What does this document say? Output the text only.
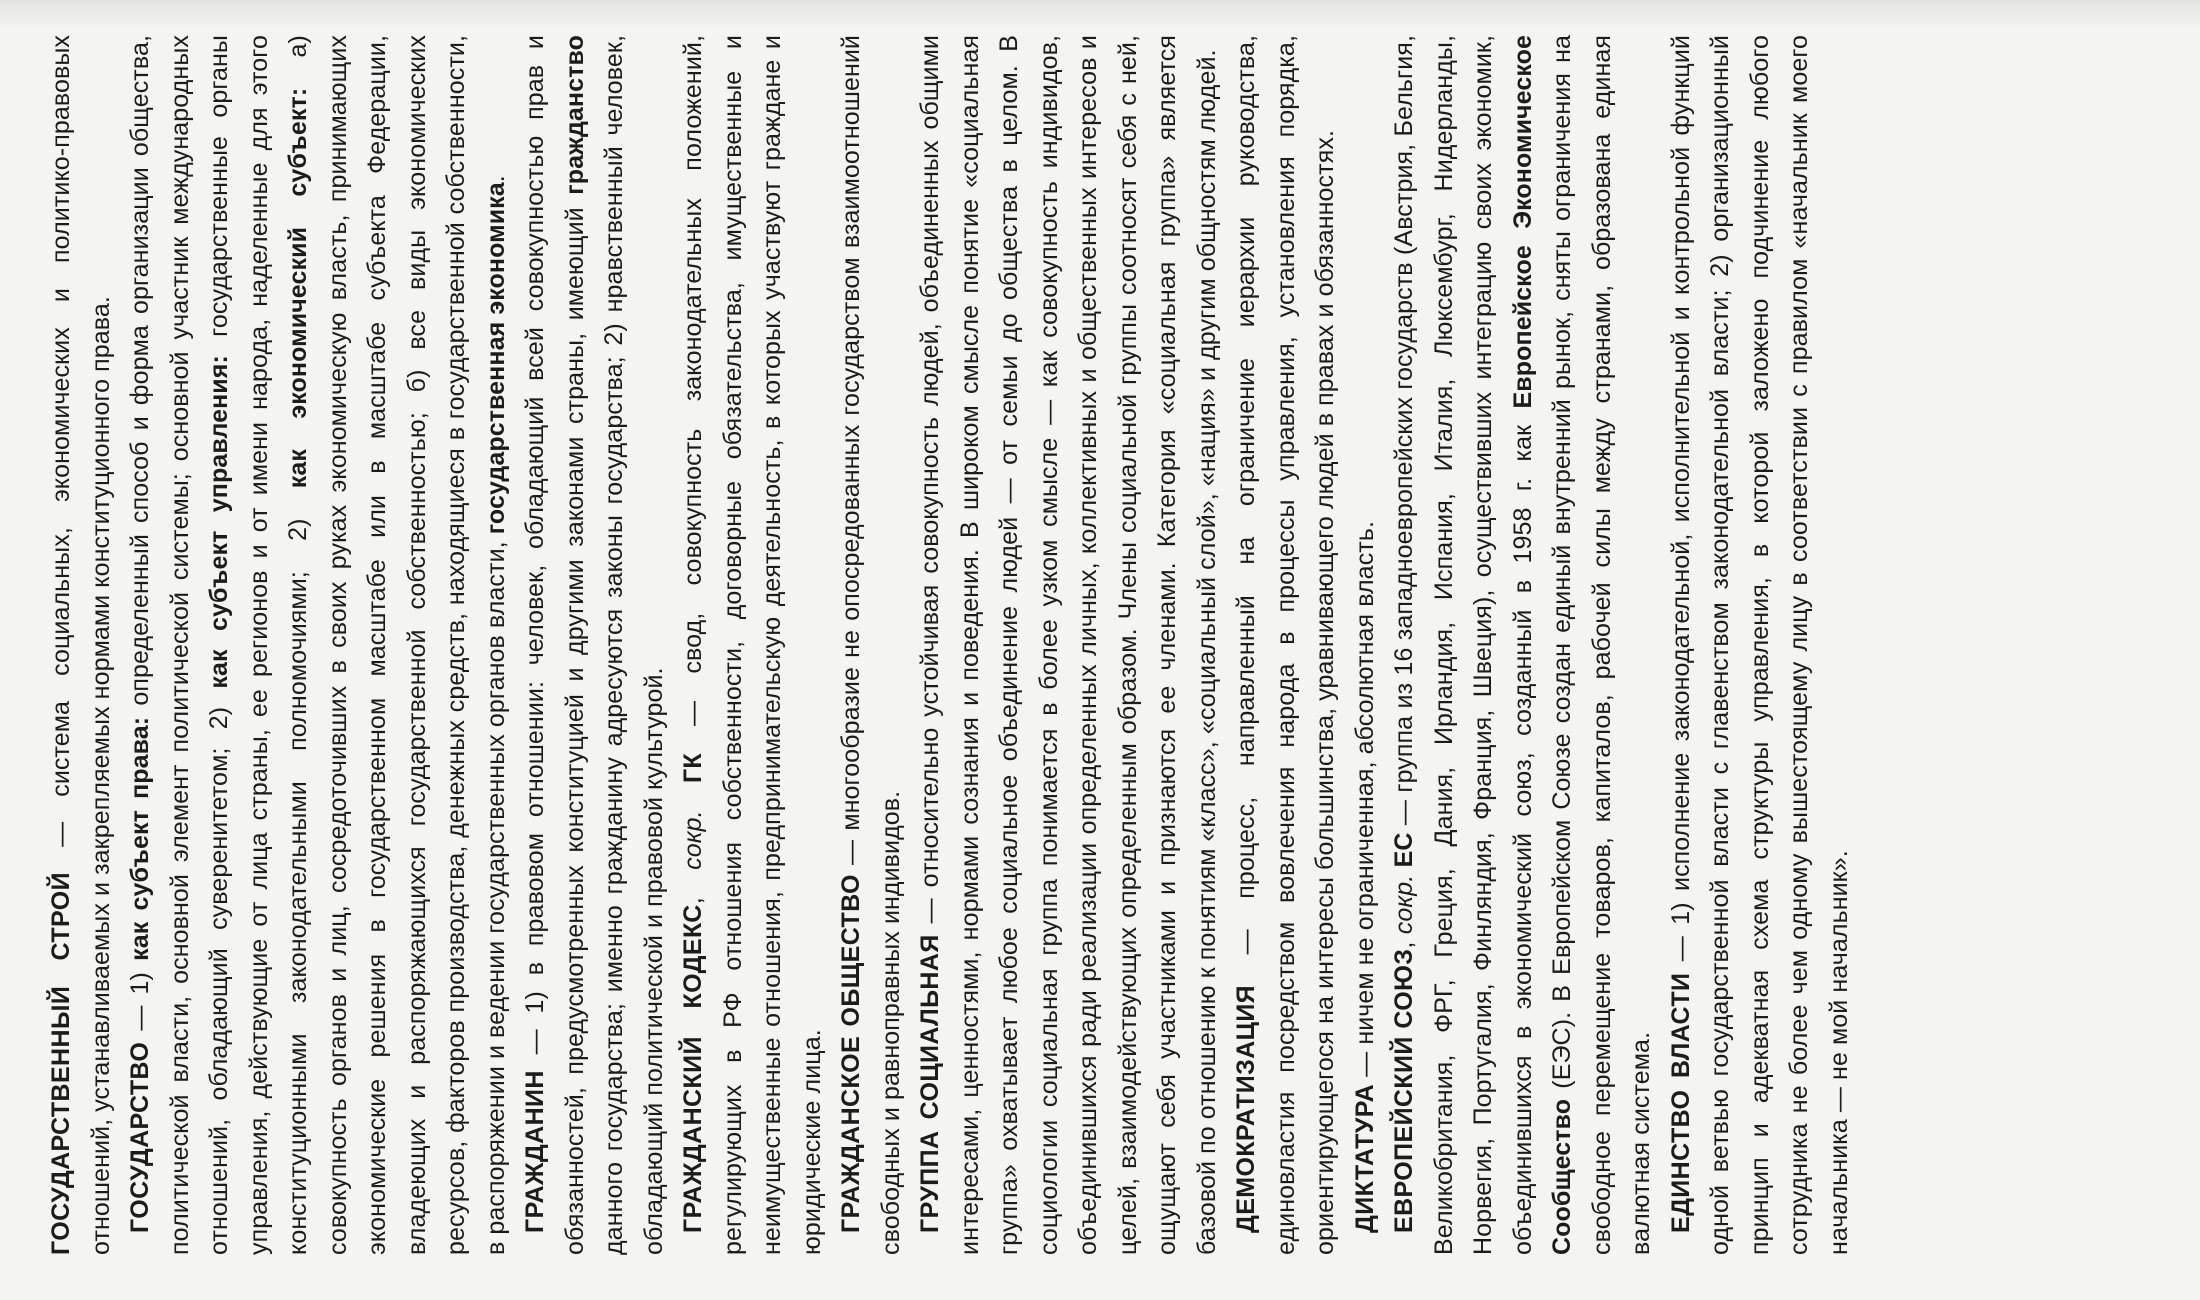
ГОСУДАРСТВЕННЫЙ СТРОЙ — система социальных, экономических и политико-правовых отношений, устанавливаемых и закрепляемых нормами конституционного права. ГОСУДАРСТВО — 1) как субъект права: определенный способ и форма организации общества, политической власти, основной элемент политической системы; основной участник международных отношений, обладающий суверенитетом; 2) как субъект управления: государственные органы управления, действующие от лица страны, ее регионов и от имени народа, наделенные для этого конституционными законодательными полномочиями; 2) как экономический субъект: а) совокупность органов и лиц, сосредоточивших в своих руках экономическую власть, принимающих экономические решения в государственном масштабе или в масштабе субъекта Федерации, владеющих и распоряжающихся государственной собственностью; б) все виды экономических ресурсов, факторов производства, денежных средств, находящиеся в государственной собственности, в распоряжении и ведении государственных органов власти, государственная экономика.

ГРАЖДАНИН — 1) в правовом отношении: человек, обладающий всей совокупностью прав и обязанностей, предусмотренных конституцией и другими законами страны, имеющий гражданство данного государства; именно гражданину адресуются законы государства; 2) нравственный человек, обладающий политической и правовой культурой. ГРАЖДАНСКИЙ КОДЕКС, сокр. ГК — свод, совокупность законодательных положений, регулирующих в РФ отношения собственности, договорные обязательства, имущественные и неимущественные отношения, предпринимательскую деятельность, в которых участвуют граждане и юридические лица. ГРАЖДАНСКОЕ ОБЩЕСТВО — многообразие не опосредованных государством взаимоотношений свободных и равноправных индивидов. ГРУППА СОЦИАЛЬНАЯ — относительно устойчивая совокупность людей, объединенных общими интересами, ценностями, нормами сознания и поведения. В широком смысле понятие «социальная группа» охватывает любое социальное объединение людей — от семьи до общества в целом. В социологии социальная группа понимается в более узком смысле — как совокупность индивидов, объединившихся ради реализации определенных личных, коллективных и общественных интересов и целей, взаимодействующих определенным образом. Члены социальной группы соотносят себя с ней, ощущают себя участниками и признаются ее членами. Категория «социальная группа» является базовой по отношению к понятиям «класс», «социальный слой», «нация» и другим общностям людей. ДЕМОКРАТИЗАЦИЯ — процесс, направленный на ограничение иерархии руководства, единовластия посредством вовлечения народа в процессы управления, установления порядка, ориентирующегося на интересы большинства, уравнивающего людей в правах и обязанностях. ДИКТАТУРА — ничем не ограниченная, абсолютная власть.

ЕВРОПЕЙСКИЙ СОЮЗ, сокр. ЕС — группа из 16 западноевропейских государств (Австрия, Бельгия, Великобритания, ФРГ, Греция, Дания, Ирландия, Испания, Италия, Люксембург, Нидерланды, Норвегия, Португалия, Финляндия, Франция, Швеция), осуществивших интеграцию своих экономик, объединившихся в экономический союз, созданный в 1958 г. как Европейское Экономическое Сообщество (ЕЭС). В Европейском Союзе создан единый внутренний рынок, сняты ограничения на свободное перемещение товаров, капиталов, рабочей силы между странами, образована единая валютная система. ЕДИНСТВО ВЛАСТИ — 1) исполнение законодательной, исполнительной и контрольной функций одной ветвью государственной власти с главенством законодательной власти; 2) организационный принцип и адекватная схема структуры управления, в которой заложено подчинение любого сотрудника не более чем одному вышестоящему лицу в соответствии с правилом «начальник моего начальника — не мой начальник».
